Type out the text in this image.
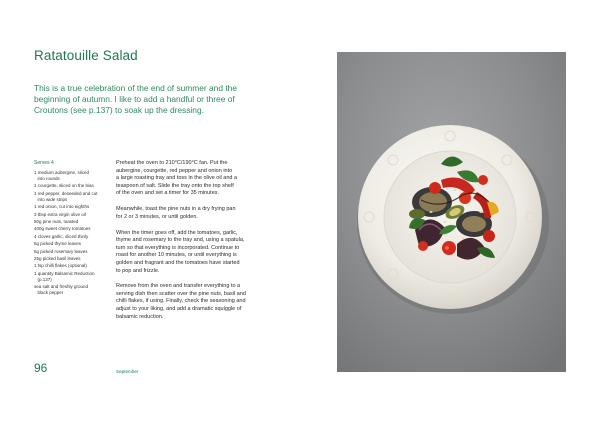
Ratatouille Salad
This is a true celebration of the end of summer and the
beginning of autumn. I like to add a handful or three of
Croutons (see p.137) to soak up the dressing.
Serves 4
1 medium aubergine, sliced
into rounds
1 courgette, sliced on the bias
1 red pepper, deseeded and cut
into wide strips
1 red onion, cut into eighths
3 tbsp extra virgin olive oil
50g pine nuts, toasted
400g sweet cherry tomatoes
4 cloves garlic, sliced thinly
5g picked thyme leaves
5g picked rosemary leaves
25g picked basil leaves
1 tsp chilli flakes (optional)
1 quantity Balsamic Reduction
(p.137)
sea salt and freshly ground
black pepper

Preheat the oven to 210°C/190°C fan. Put the
aubergine, courgette, red pepper and onion into
a large roasting tray and toss in the olive oil and a
teaspoon of salt. Slide the tray onto the top shelf
of the oven and set a timer for 35 minutes.

Meanwhile, toast the pine nuts in a dry frying pan
for 2 or 3 minutes, or until golden.

When the timer goes off, add the tomatoes, garlic,
thyme and rosemary to the tray and, using a spatula,
turn so that everything is incorporated. Continue to
roast for another 10 minutes, or until everything is
golden and fragrant and the tomatoes have started
to pop and frizzle.

Remove from the oven and transfer everything to a
serving dish then scatter over the pine nuts, basil and
chilli flakes, if using. Finally, check the seasoning and
adjust to your liking, and add a dramatic squiggle of
balsamic reduction.

96	September
